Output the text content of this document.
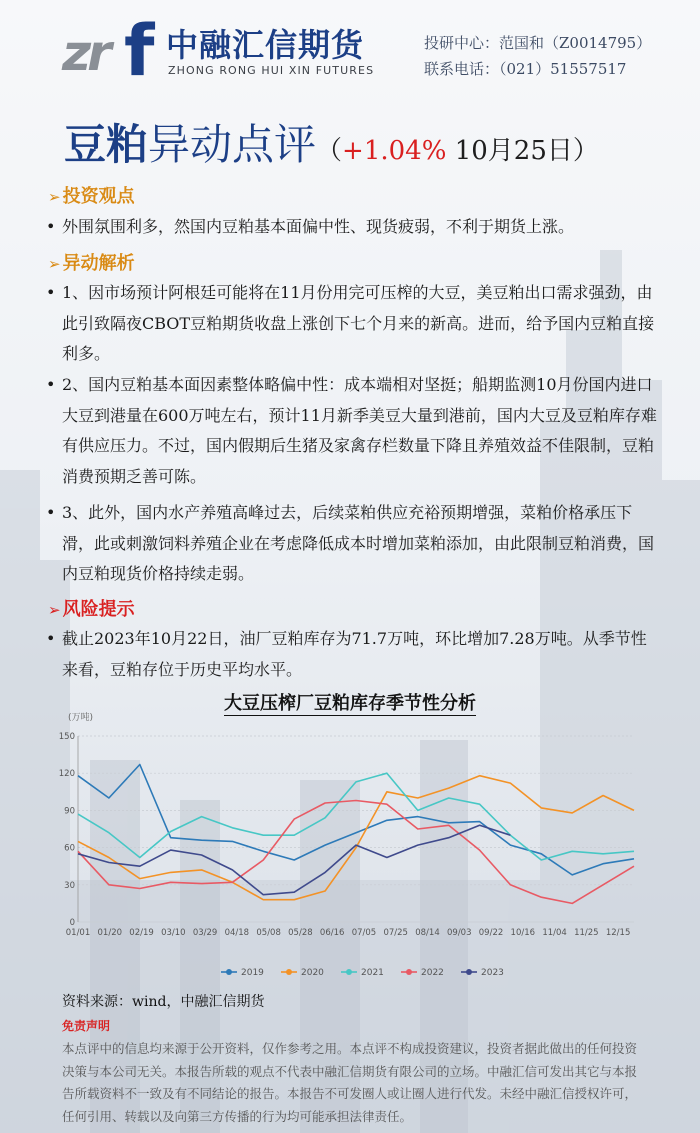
zr f 中融汇信期货
ZHONG RONG HUI XIN FUTURES
投研中心：范国和（Z0014795）
联系电话：（021）51557517
豆粕异动点评（+1.04% 10月25日）
➢ 投资观点
• 外围氛围利多，然国内豆粕基本面偏中性、现货疲弱，不利于期货上涨。
➢ 异动解析
• 1、因市场预计阿根廷可能将在11月份用完可压榨的大豆，美豆粕出口需求强劲，由此引致隔夜CBOT豆粕期货收盘上涨创下七个月来的新高。进而，给予国内豆粕直接利多。
• 2、国内豆粕基本面因素整体略偏中性：成本端相对坚挺；船期监测10月份国内进口大豆到港量在600万吨左右，预计11月新季美豆大量到港前，国内大豆及豆粕库存难有供应压力。不过，国内假期后生猪及家禽存栏数量下降且养殖效益不佳限制，豆粕消费预期乏善可陈。
• 3、此外，国内水产养殖高峰过去，后续菜粕供应充裕预期增强，菜粕价格承压下滑，此或刺激饲料养殖企业在考虑降低成本时增加菜粕添加，由此限制豆粕消费，国内豆粕现货价格持续走弱。
➢ 风险提示
• 截止2023年10月22日，油厂豆粕库存为71.7万吨，环比增加7.28万吨。从季节性来看，豆粕存位于历史平均水平。
大豆压榨厂豆粕库存季节性分析
(万吨)
0
30
60
90
120
150
01/01 01/20 02/19 03/10 03/29 04/18 05/08 05/28 06/16 07/05 07/25 08/14 09/03 09/22 10/16 11/04 11/25 12/15
2019	2020	2021	2022	2023
资料来源：wind，中融汇信期货
免责声明
本点评中的信息均来源于公开资料，仅作参考之用。本点评不构成投资建议，投资者据此做出的任何投资决策与本公司无关。本报告所载的观点不代表中融汇信期货有限公司的立场。中融汇信可发出其它与本报告所载资料不一致及有不同结论的报告。本报告不可发圈人或让圈人进行代发。未经中融汇信授权许可，任何引用、转载以及向第三方传播的行为均可能承担法律责任。
